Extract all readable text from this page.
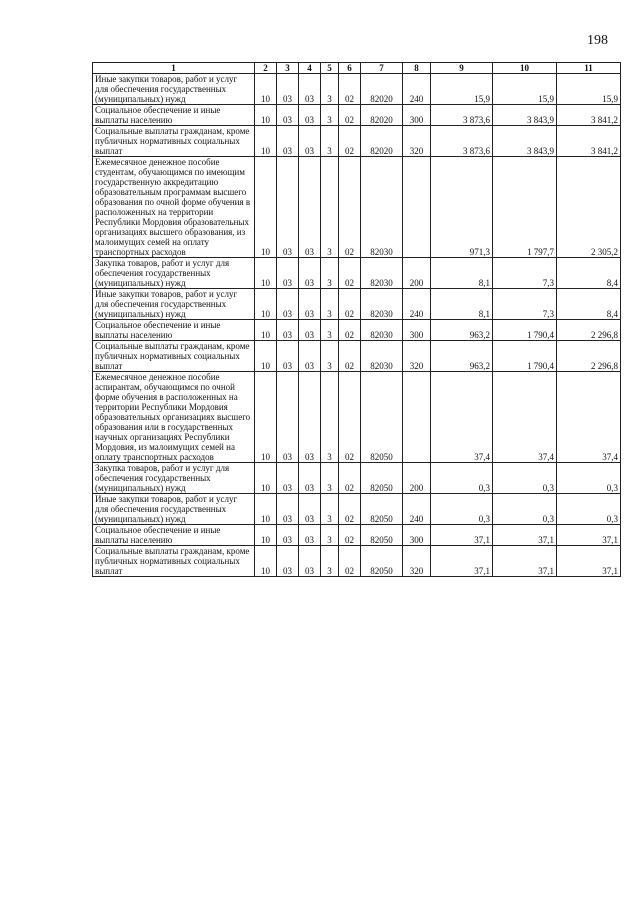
198
1	2	3	4	5	6	7	8	9	10	11
Иные закупки товаров, работ и услуг для обеспечения государственных (муниципальных) нужд	10	03	03	3	02	82020	240	15,9	15,9	15,9
Социальное обеспечение и иные выплаты населению	10	03	03	3	02	82020	300	3 873,6	3 843,9	3 841,2
Социальные выплаты гражданам, кроме публичных нормативных социальных выплат	10	03	03	3	02	82020	320	3 873,6	3 843,9	3 841,2
Ежемесячное денежное пособие студентам, обучающимся по имеющим государственную аккредитацию образовательным программам высшего образования по очной форме обучения в расположенных на территории Республики Мордовия образовательных организациях высшего образования, из малоимущих семей на оплату транспортных расходов	10	03	03	3	02	82030		971,3	1 797,7	2 305,2
Закупка товаров, работ и услуг для обеспечения государственных (муниципальных) нужд	10	03	03	3	02	82030	200	8,1	7,3	8,4
Иные закупки товаров, работ и услуг для обеспечения государственных (муниципальных) нужд	10	03	03	3	02	82030	240	8,1	7,3	8,4
Социальное обеспечение и иные выплаты населению	10	03	03	3	02	82030	300	963,2	1 790,4	2 296,8
Социальные выплаты гражданам, кроме публичных нормативных социальных выплат	10	03	03	3	02	82030	320	963,2	1 790,4	2 296,8
Ежемесячное денежное пособие аспирантам, обучающимся по очной форме обучения в расположенных на территории Республики Мордовия образовательных организациях высшего образования или в государственных научных организациях Республики Мордовия, из малоимущих семей на оплату транспортных расходов	10	03	03	3	02	82050		37,4	37,4	37,4
Закупка товаров, работ и услуг для обеспечения государственных (муниципальных) нужд	10	03	03	3	02	82050	200	0,3	0,3	0,3
Иные закупки товаров, работ и услуг для обеспечения государственных (муниципальных) нужд	10	03	03	3	02	82050	240	0,3	0,3	0,3
Социальное обеспечение и иные выплаты населению	10	03	03	3	02	82050	300	37,1	37,1	37,1
Социальные выплаты гражданам, кроме публичных нормативных социальных выплат	10	03	03	3	02	82050	320	37,1	37,1	37,1
